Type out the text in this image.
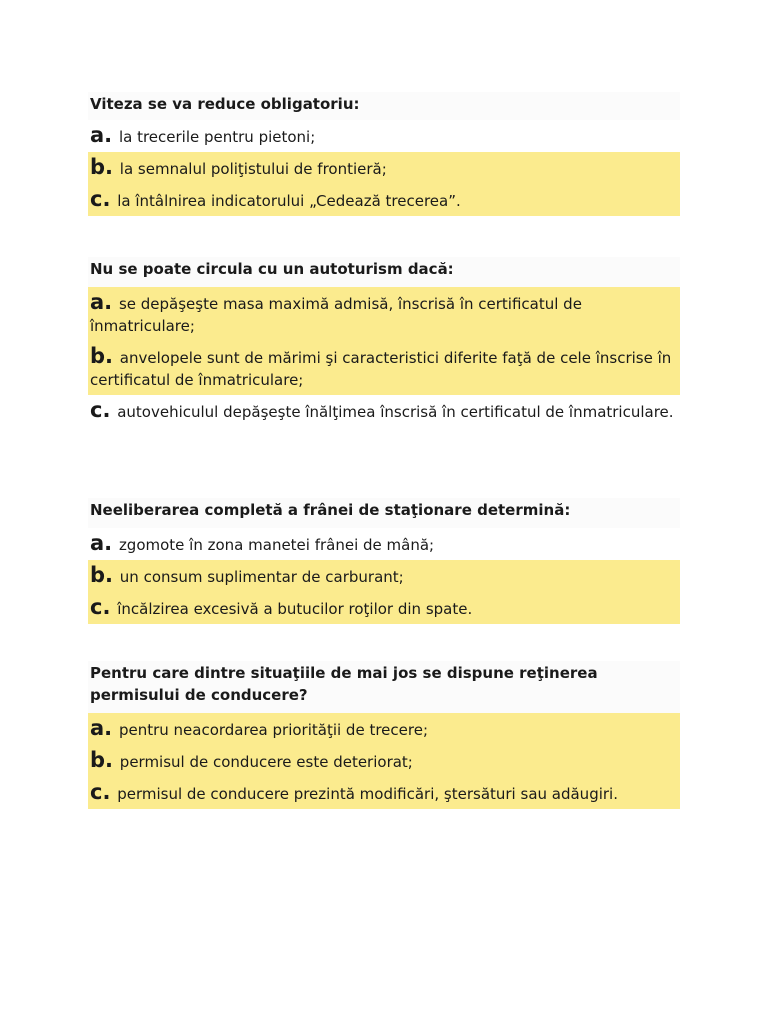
Viteza se va reduce obligatoriu:
a. la trecerile pentru pietoni;
b. la semnalul poliţistului de frontieră;
c. la întâlnirea indicatorului „Cedează trecerea”.
Nu se poate circula cu un autoturism dacă:
a. se depăşeşte masa maximă admisă, înscrisă în certificatul de înmatriculare;
b. anvelopele sunt de mărimi şi caracteristici diferite faţă de cele înscrise în certificatul de înmatriculare;
c. autovehiculul depăşeşte înălţimea înscrisă în certificatul de înmatriculare.
Neeliberarea completă a frânei de staţionare determină:
a. zgomote în zona manetei frânei de mână;
b. un consum suplimentar de carburant;
c. încălzirea excesivă a butucilor roţilor din spate.
Pentru care dintre situaţiile de mai jos se dispune reţinerea permisului de conducere?
a. pentru neacordarea priorităţii de trecere;
b. permisul de conducere este deteriorat;
c. permisul de conducere prezintă modificări, ştersături sau adăugiri.
